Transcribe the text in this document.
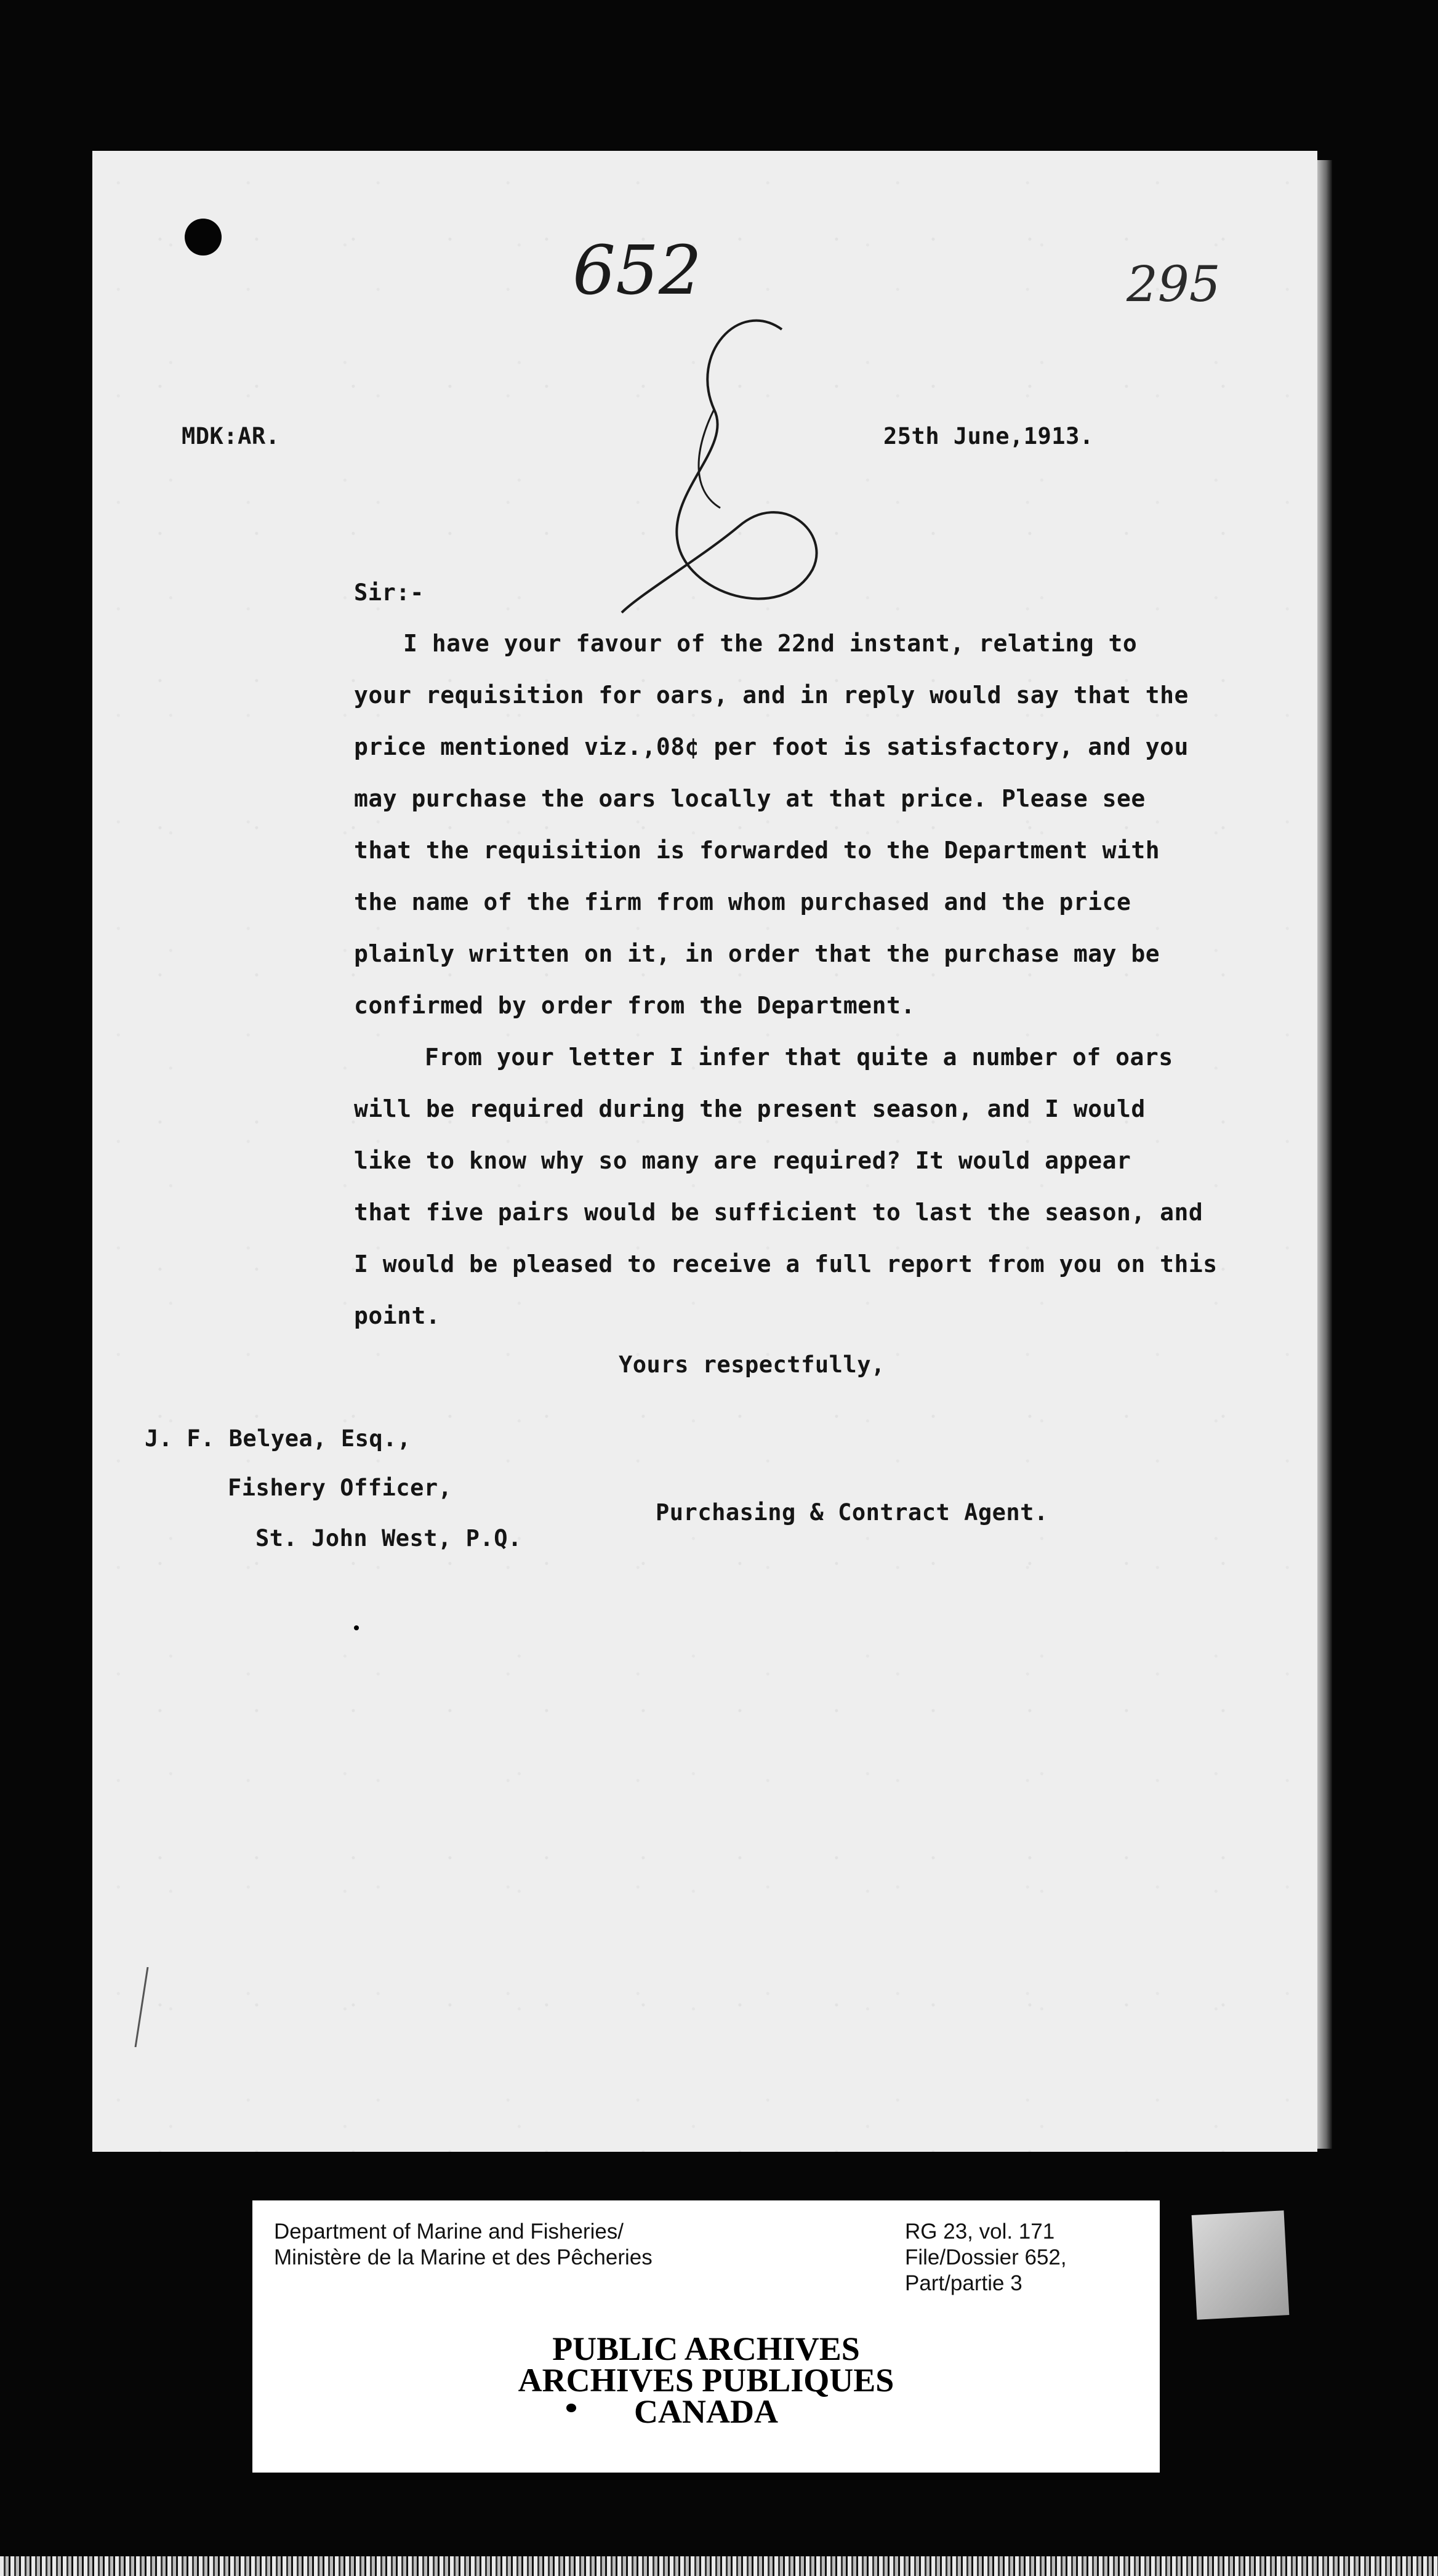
652	295
MDK:AR.	25th June,1913.
Sir:-
I have your favour of the 22nd instant, relating to
your requisition for oars, and in reply would say that the
price mentioned viz.,08¢ per foot is satisfactory, and you
may purchase the oars locally at that price. Please see
that the requisition is forwarded to the Department with
the name of the firm from whom purchased and the price
plainly written on it, in order that the purchase may be
confirmed by order from the Department.
From your letter I infer that quite a number of oars
will be required during the present season, and I would
like to know why so many are required? It would appear
that five pairs would be sufficient to last the season, and
I would be pleased to receive a full report from you on this
point.
Yours respectfully,
J. F. Belyea, Esq.,
Fishery Officer,
Purchasing & Contract Agent.
St. John West, P.Q.
Department of Marine and Fisheries/
Ministère de la Marine et des Pêcheries
RG 23, vol. 171
File/Dossier 652,
Part/partie 3
PUBLIC ARCHIVES
ARCHIVES PUBLIQUES
CANADA
